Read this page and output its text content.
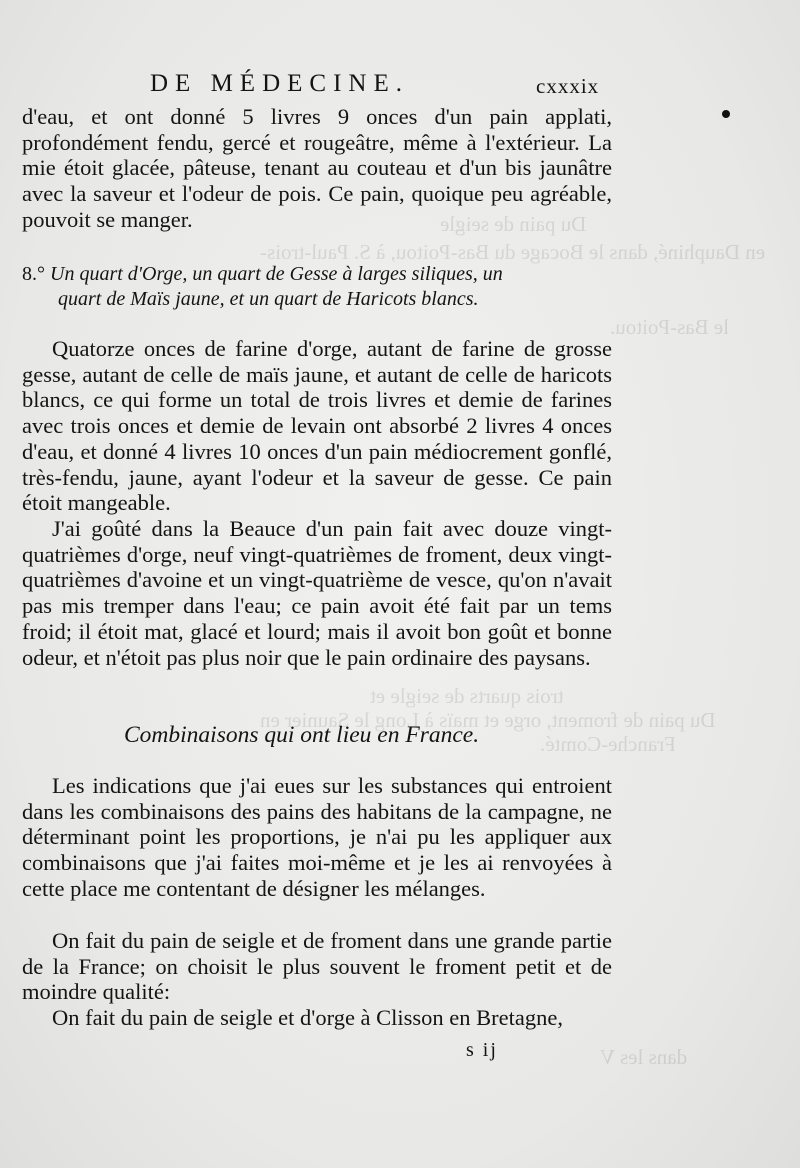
Du pain de seigle
en Dauphiné, dans le Bocage du Bas-Poitou, à S. Paul-trois-
le Bas-Poitou.
trois quarts de seigle et
Du pain de froment, orge et maïs à Long le Saunier en
Franche-Comté.
dans les V
DE MÉDECINE.	cxxxix

d'eau, et ont donné 5 livres 9 onces d'un pain applati, profondément fendu, gercé et rougeâtre, même à l'extérieur. La mie étoit glacée, pâteuse, tenant au couteau et d'un bis jaunâtre avec la saveur et l'odeur de pois. Ce pain, quoique peu agréable, pouvoit se manger.

8.° Un quart d'Orge, un quart de Gesse à larges siliques, un
quart de Maïs jaune, et un quart de Haricots blancs.

Quatorze onces de farine d'orge, autant de farine de grosse gesse, autant de celle de maïs jaune, et autant de celle de haricots blancs, ce qui forme un total de trois livres et demie de farines avec trois onces et demie de levain ont absorbé 2 livres 4 onces d'eau, et donné 4 livres 10 onces d'un pain médiocrement gonflé, très-fendu, jaune, ayant l'odeur et la saveur de gesse. Ce pain étoit mangeable.

J'ai goûté dans la Beauce d'un pain fait avec douze vingt-quatrièmes d'orge, neuf vingt-quatrièmes de froment, deux vingt-quatrièmes d'avoine et un vingt-quatrième de vesce, qu'on n'avait pas mis tremper dans l'eau; ce pain avoit été fait par un tems froid; il étoit mat, glacé et lourd; mais il avoit bon goût et bonne odeur, et n'étoit pas plus noir que le pain ordinaire des paysans.

Combinaisons qui ont lieu en France.

Les indications que j'ai eues sur les substances qui entroient dans les combinaisons des pains des habitans de la campagne, ne déterminant point les proportions, je n'ai pu les appliquer aux combinaisons que j'ai faites moi-même et je les ai renvoyées à cette place me contentant de désigner les mélanges.

On fait du pain de seigle et de froment dans une grande partie de la France; on choisit le plus souvent le froment petit et de moindre qualité:

On fait du pain de seigle et d'orge à Clisson en Bretagne,

s ij
